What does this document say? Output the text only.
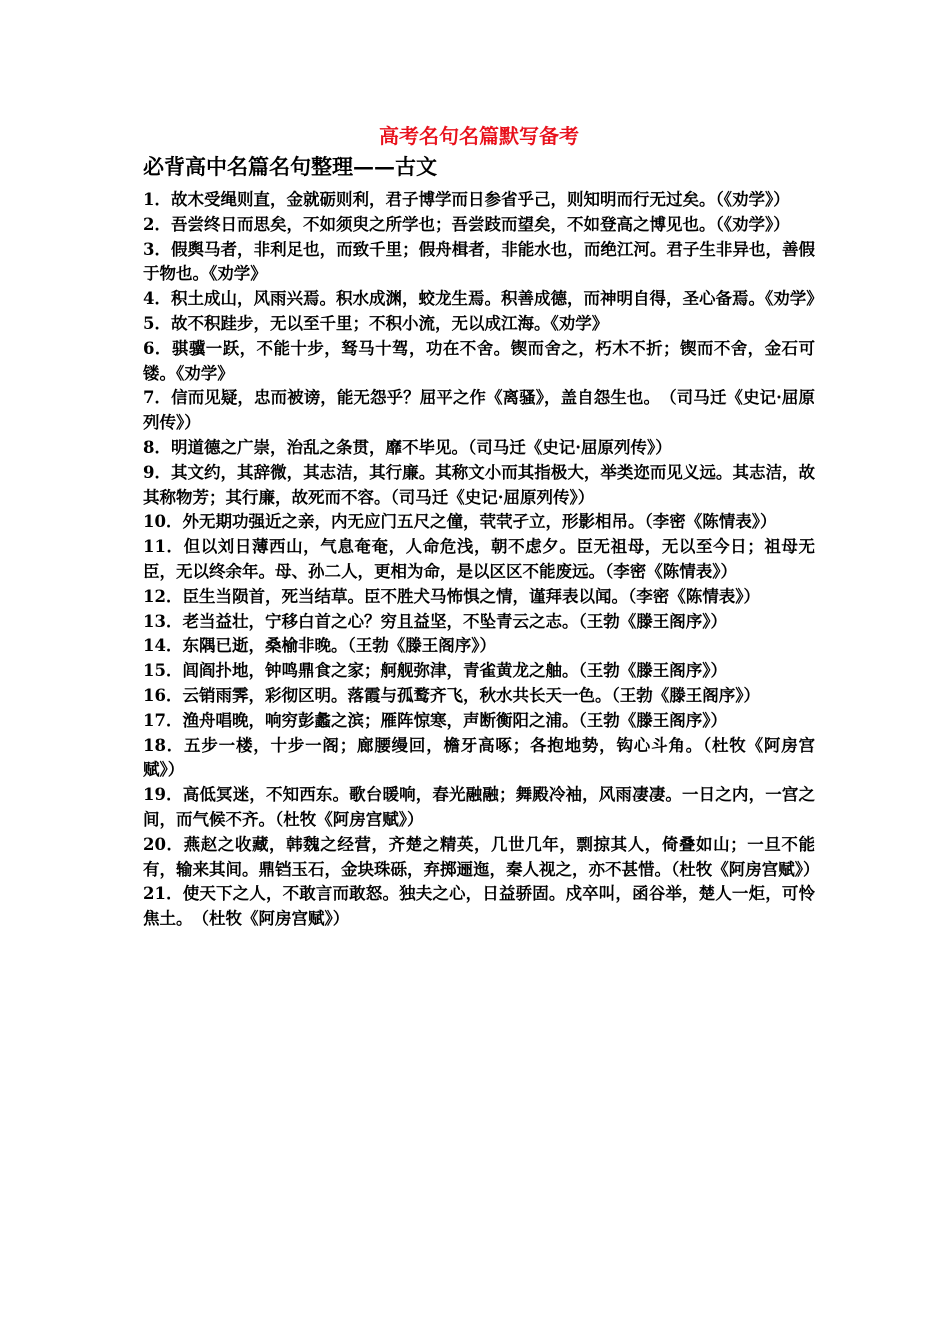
高考名句名篇默写备考
必背高中名篇名句整理——古文
1．故木受绳则直，金就砺则利，君子博学而日参省乎己，则知明而行无过矣。（《劝学》）
2．吾尝终日而思矣，不如须臾之所学也；吾尝跂而望矣，不如登高之博见也。（《劝学》）
3．假舆马者，非利足也，而致千里；假舟楫者，非能水也，而绝江河。君子生非异也，善假于物也。《劝学》
4．积土成山，风雨兴焉。积水成渊，蛟龙生焉。积善成德，而神明自得，圣心备焉。《劝学》
5．故不积跬步，无以至千里；不积小流，无以成江海。《劝学》
6．骐骥一跃，不能十步，驽马十驾，功在不舍。锲而舍之，朽木不折；锲而不舍，金石可镂。《劝学》
7．信而见疑，忠而被谤，能无怨乎？屈平之作《离骚》，盖自怨生也。　（司马迁《史记·屈原列传》）
8．明道德之广崇，治乱之条贯，靡不毕见。（司马迁《史记·屈原列传》）
9．其文约，其辞微，其志洁，其行廉。其称文小而其指极大，举类迩而见义远。其志洁，故其称物芳；其行廉，故死而不容。（司马迁《史记·屈原列传》）
10．外无期功强近之亲，内无应门五尺之僮，茕茕孑立，形影相吊。（李密《陈情表》）
11．但以刘日薄西山，气息奄奄，人命危浅，朝不虑夕。臣无祖母，无以至今日；祖母无臣，无以终余年。母、孙二人，更相为命，是以区区不能废远。（李密《陈情表》）
12．臣生当陨首，死当结草。臣不胜犬马怖惧之情，谨拜表以闻。（李密《陈情表》）
13．老当益壮，宁移白首之心？穷且益坚，不坠青云之志。（王勃《滕王阁序》）
14．东隅已逝，桑榆非晚。（王勃《滕王阁序》）
15．闾阎扑地，钟鸣鼎食之家；舸舰弥津，青雀黄龙之舳。（王勃《滕王阁序》）
16．云销雨霁，彩彻区明。落霞与孤鹜齐飞，秋水共长天一色。（王勃《滕王阁序》）
17．渔舟唱晚，响穷彭蠡之滨；雁阵惊寒，声断衡阳之浦。（王勃《滕王阁序》）
18．五步一楼，十步一阁；廊腰缦回，檐牙高啄；各抱地势，钩心斗角。（杜牧《阿房宫赋》）
19．高低冥迷，不知西东。歌台暖响，春光融融；舞殿冷袖，风雨凄凄。一日之内，一宫之间，而气候不齐。（杜牧《阿房宫赋》）
20．燕赵之收藏，韩魏之经营，齐楚之精英，几世几年，剽掠其人，倚叠如山；一旦不能有，输来其间。鼎铛玉石，金块珠砾，弃掷逦迤，秦人视之，亦不甚惜。（杜牧《阿房宫赋》）
21．使天下之人，不敢言而敢怒。独夫之心，日益骄固。戍卒叫，函谷举，楚人一炬，可怜焦土。　（杜牧《阿房宫赋》）
